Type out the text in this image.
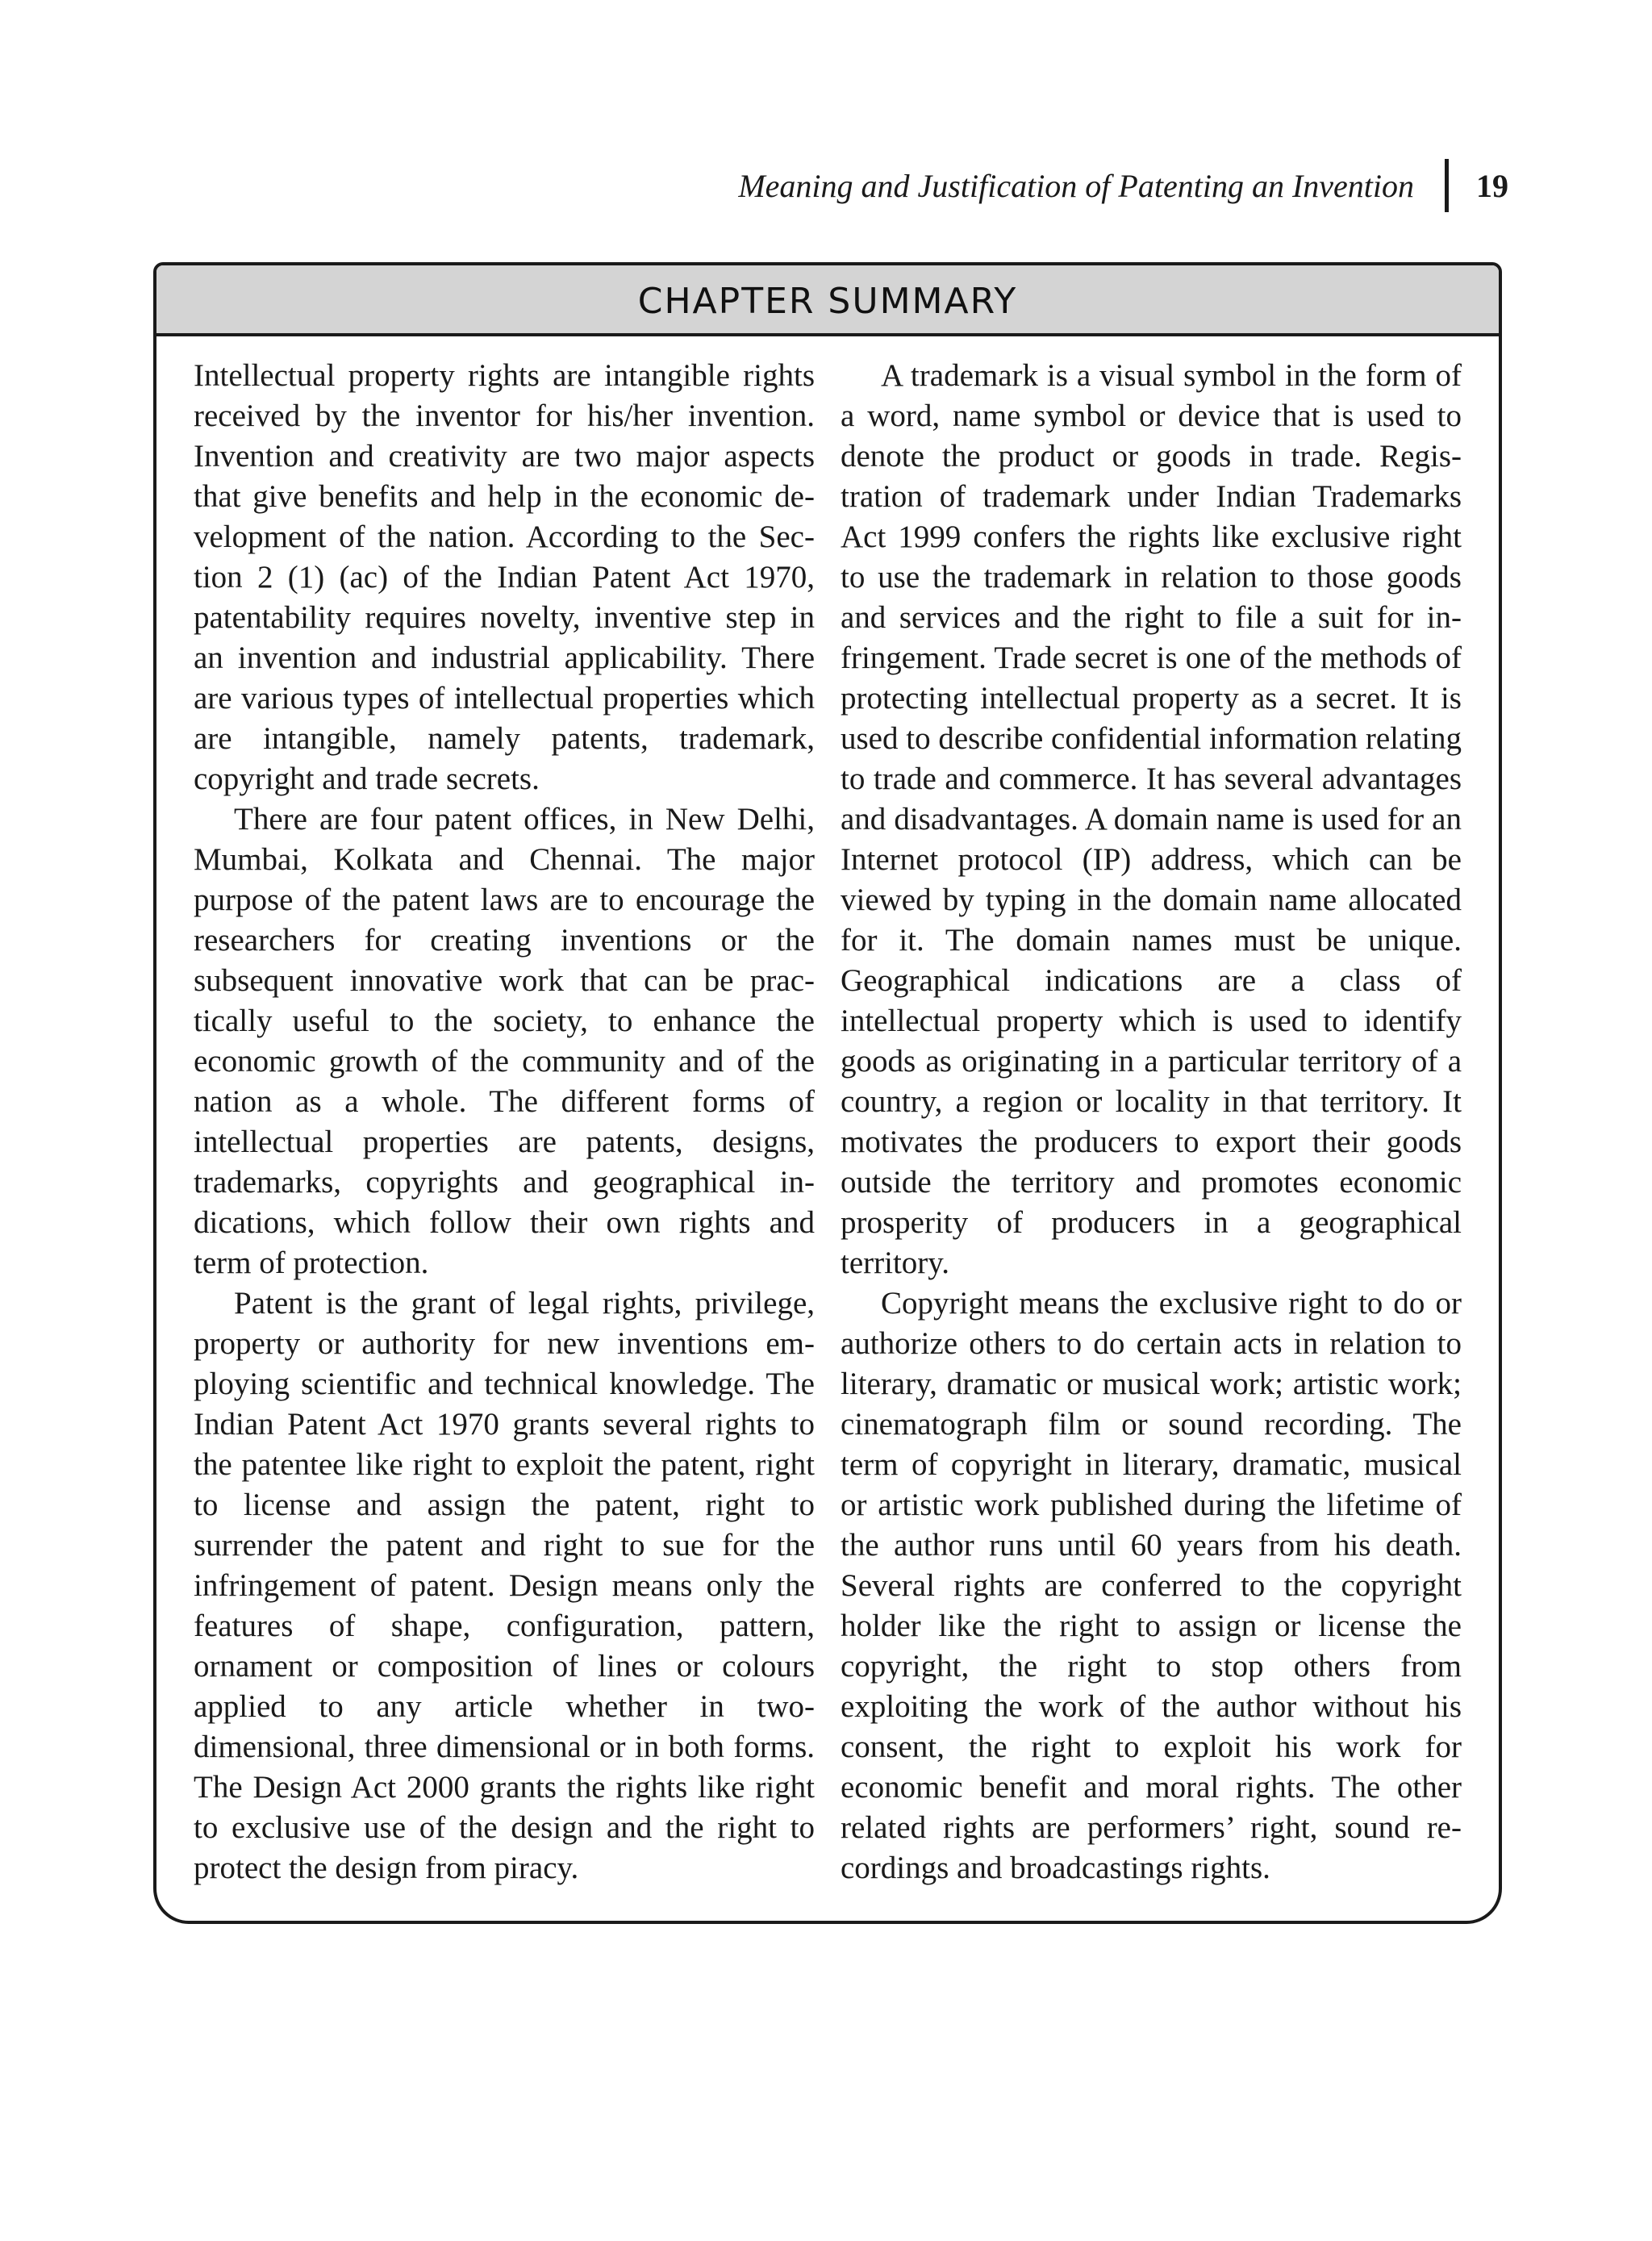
Meaning and Justification of Patenting an Invention 19
CHAPTER SUMMARY

Intellectual property rights are intangible rights received by the inventor for his/her invention. Invention and creativity are two major aspects that give benefits and help in the economic development of the nation. According to the Section 2 (1) (ac) of the Indian Patent Act 1970, patentability requires novelty, inventive step in an invention and industrial applicability. There are various types of intellectual properties which are intangible, namely patents, trademark, copyright and trade secrets.

There are four patent offices, in New Delhi, Mumbai, Kolkata and Chennai. The major purpose of the patent laws are to encourage the researchers for creating inventions or the subsequent innovative work that can be practically useful to the society, to enhance the economic growth of the community and of the nation as a whole. The different forms of intellectual properties are patents, designs, trademarks, copyrights and geographical indications, which follow their own rights and term of protection.

Patent is the grant of legal rights, privilege, property or authority for new inventions employing scientific and technical knowledge. The Indian Patent Act 1970 grants several rights to the patentee like right to exploit the patent, right to license and assign the patent, right to surrender the patent and right to sue for the infringement of patent. Design means only the features of shape, configuration, pattern, ornament or composition of lines or colours applied to any article whether in two-dimensional, three dimensional or in both forms. The Design Act 2000 grants the rights like right to exclusive use of the design and the right to protect the design from piracy.

A trademark is a visual symbol in the form of a word, name symbol or device that is used to denote the product or goods in trade. Registration of trademark under Indian Trademarks Act 1999 confers the rights like exclusive right to use the trademark in relation to those goods and services and the right to file a suit for infringement. Trade secret is one of the methods of protecting intellectual property as a secret. It is used to describe confidential information relating to trade and commerce. It has several advantages and disadvantages. A domain name is used for an Internet protocol (IP) address, which can be viewed by typing in the domain name allocated for it. The domain names must be unique. Geographical indications are a class of intellectual property which is used to identify goods as originating in a particular territory of a country, a region or locality in that territory. It motivates the producers to export their goods outside the territory and promotes economic prosperity of producers in a geographical territory.

Copyright means the exclusive right to do or authorize others to do certain acts in relation to literary, dramatic or musical work; artistic work; cinematograph film or sound recording. The term of copyright in literary, dramatic, musical or artistic work published during the lifetime of the author runs until 60 years from his death. Several rights are conferred to the copyright holder like the right to assign or license the copyright, the right to stop others from exploiting the work of the author without his consent, the right to exploit his work for economic benefit and moral rights. The other related rights are performers’ right, sound recordings and broadcastings rights.
